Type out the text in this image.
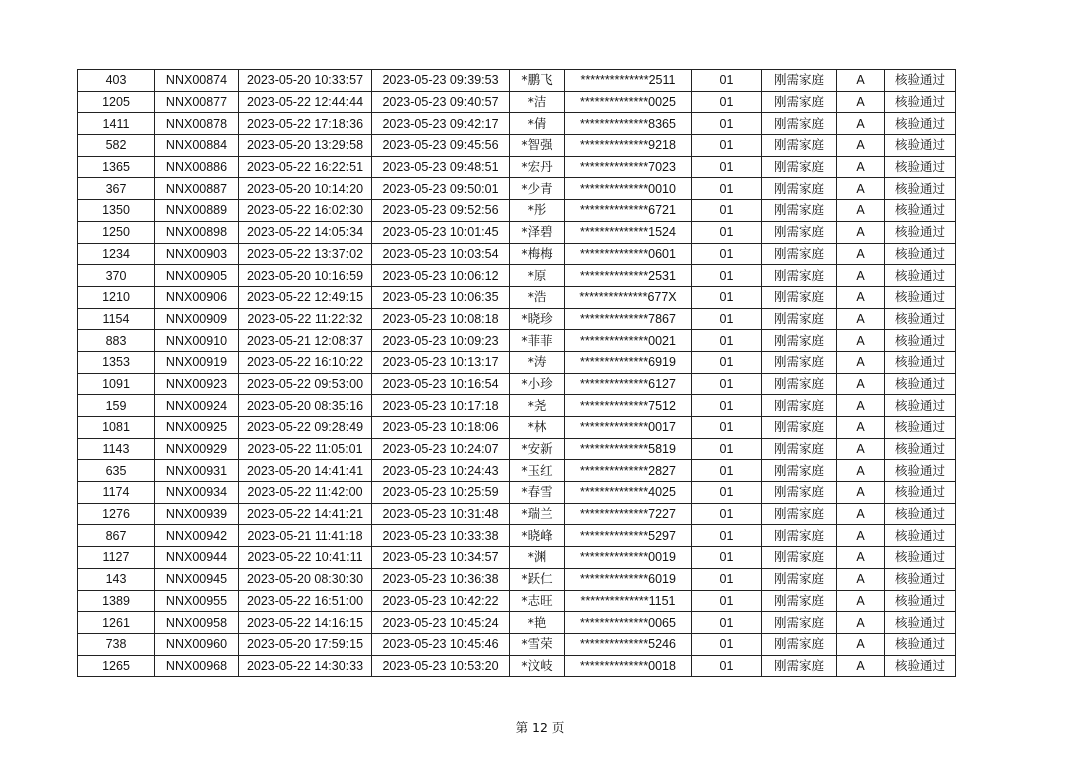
403	NNX00874	2023-05-20 10:33:57	2023-05-23 09:39:53	*鹏飞	**************2511	01	刚需家庭	A	核验通过
1205	NNX00877	2023-05-22 12:44:44	2023-05-23 09:40:57	*洁	**************0025	01	刚需家庭	A	核验通过
1411	NNX00878	2023-05-22 17:18:36	2023-05-23 09:42:17	*倩	**************8365	01	刚需家庭	A	核验通过
582	NNX00884	2023-05-20 13:29:58	2023-05-23 09:45:56	*智强	**************9218	01	刚需家庭	A	核验通过
1365	NNX00886	2023-05-22 16:22:51	2023-05-23 09:48:51	*宏丹	**************7023	01	刚需家庭	A	核验通过
367	NNX00887	2023-05-20 10:14:20	2023-05-23 09:50:01	*少青	**************0010	01	刚需家庭	A	核验通过
1350	NNX00889	2023-05-22 16:02:30	2023-05-23 09:52:56	*彤	**************6721	01	刚需家庭	A	核验通过
1250	NNX00898	2023-05-22 14:05:34	2023-05-23 10:01:45	*泽碧	**************1524	01	刚需家庭	A	核验通过
1234	NNX00903	2023-05-22 13:37:02	2023-05-23 10:03:54	*梅梅	**************0601	01	刚需家庭	A	核验通过
370	NNX00905	2023-05-20 10:16:59	2023-05-23 10:06:12	*原	**************2531	01	刚需家庭	A	核验通过
1210	NNX00906	2023-05-22 12:49:15	2023-05-23 10:06:35	*浩	**************677X	01	刚需家庭	A	核验通过
1154	NNX00909	2023-05-22 11:22:32	2023-05-23 10:08:18	*晓珍	**************7867	01	刚需家庭	A	核验通过
883	NNX00910	2023-05-21 12:08:37	2023-05-23 10:09:23	*菲菲	**************0021	01	刚需家庭	A	核验通过
1353	NNX00919	2023-05-22 16:10:22	2023-05-23 10:13:17	*涛	**************6919	01	刚需家庭	A	核验通过
1091	NNX00923	2023-05-22 09:53:00	2023-05-23 10:16:54	*小珍	**************6127	01	刚需家庭	A	核验通过
159	NNX00924	2023-05-20 08:35:16	2023-05-23 10:17:18	*尧	**************7512	01	刚需家庭	A	核验通过
1081	NNX00925	2023-05-22 09:28:49	2023-05-23 10:18:06	*林	**************0017	01	刚需家庭	A	核验通过
1143	NNX00929	2023-05-22 11:05:01	2023-05-23 10:24:07	*安新	**************5819	01	刚需家庭	A	核验通过
635	NNX00931	2023-05-20 14:41:41	2023-05-23 10:24:43	*玉红	**************2827	01	刚需家庭	A	核验通过
1174	NNX00934	2023-05-22 11:42:00	2023-05-23 10:25:59	*春雪	**************4025	01	刚需家庭	A	核验通过
1276	NNX00939	2023-05-22 14:41:21	2023-05-23 10:31:48	*瑞兰	**************7227	01	刚需家庭	A	核验通过
867	NNX00942	2023-05-21 11:41:18	2023-05-23 10:33:38	*晓峰	**************5297	01	刚需家庭	A	核验通过
1127	NNX00944	2023-05-22 10:41:11	2023-05-23 10:34:57	*渊	**************0019	01	刚需家庭	A	核验通过
143	NNX00945	2023-05-20 08:30:30	2023-05-23 10:36:38	*跃仁	**************6019	01	刚需家庭	A	核验通过
1389	NNX00955	2023-05-22 16:51:00	2023-05-23 10:42:22	*志旺	**************1151	01	刚需家庭	A	核验通过
1261	NNX00958	2023-05-22 14:16:15	2023-05-23 10:45:24	*艳	**************0065	01	刚需家庭	A	核验通过
738	NNX00960	2023-05-20 17:59:15	2023-05-23 10:45:46	*雪荣	**************5246	01	刚需家庭	A	核验通过
1265	NNX00968	2023-05-22 14:30:33	2023-05-23 10:53:20	*汶岐	**************0018	01	刚需家庭	A	核验通过
第 12 页
